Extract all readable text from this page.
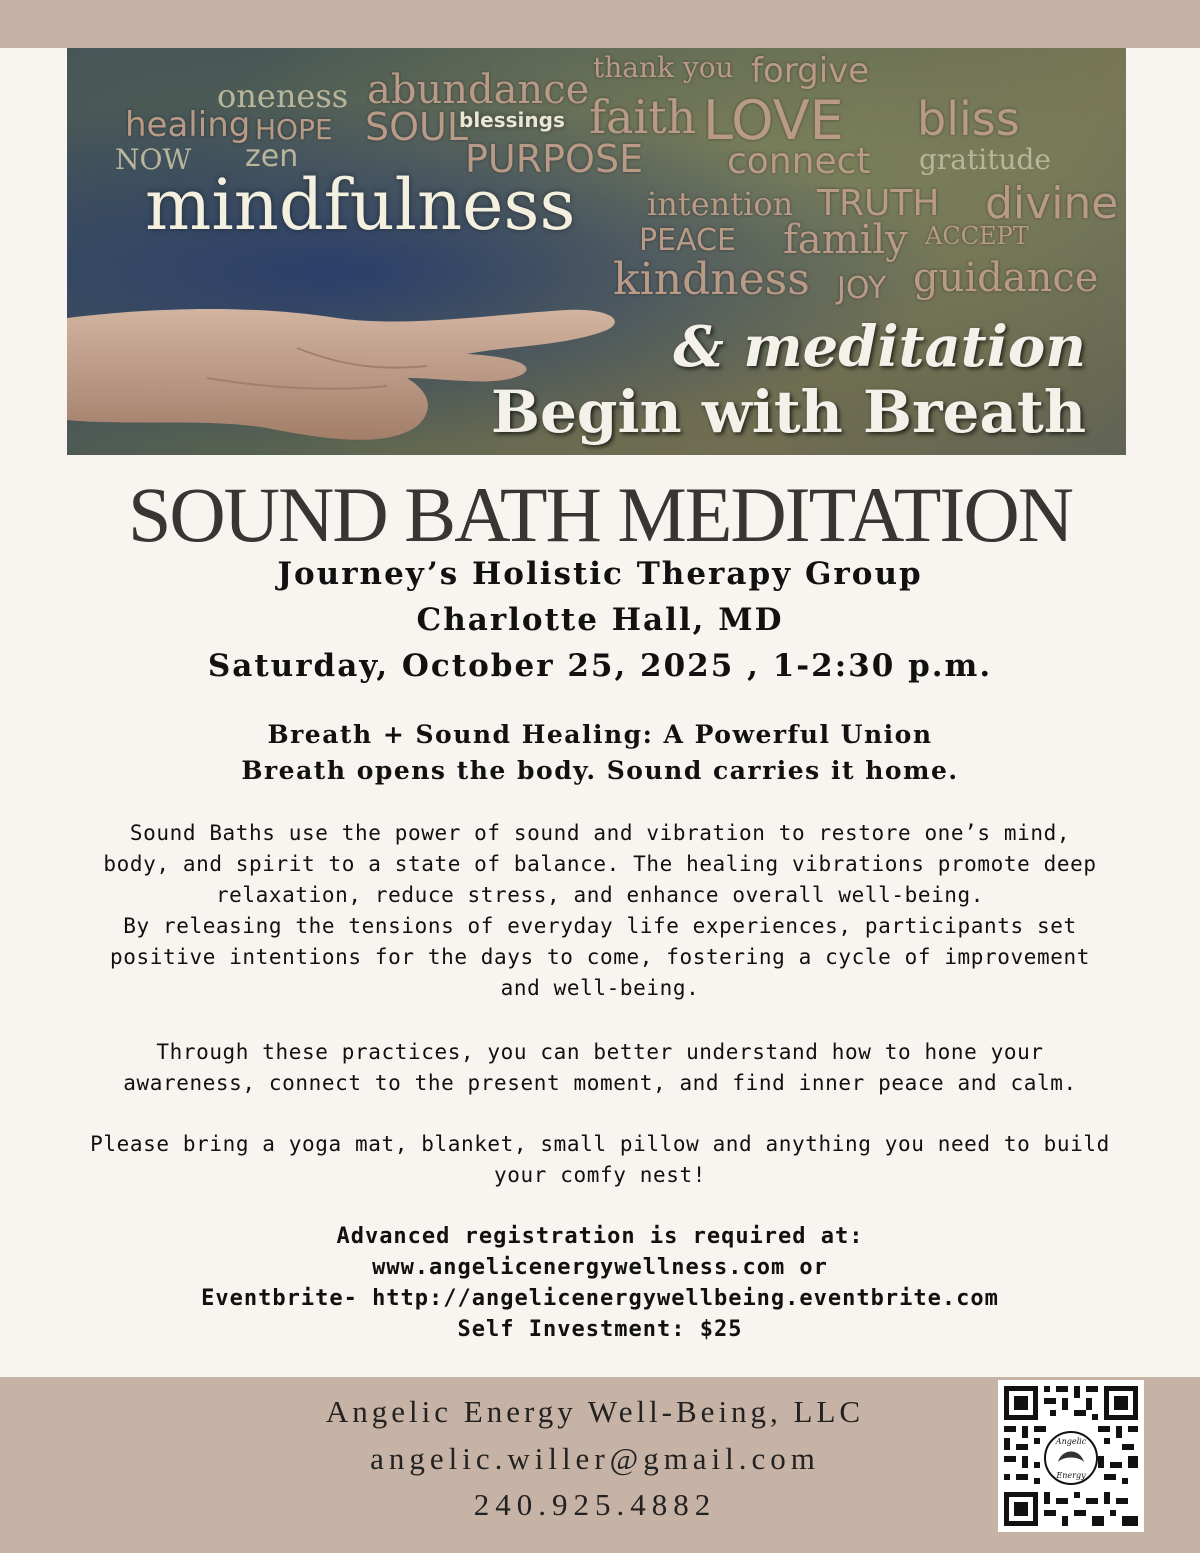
thank you forgive
oneness abundance
healing HOPE SOUL
blessings faith LOVE bliss
NOW zen	PURPOSE connect gratitude
mindfulness intention TRUTH divine
PEACE family ACCEPT
kindness JOY guidance
& meditation
Begin with Breath
SOUND BATH MEDITATION
Journey’s Holistic Therapy Group
Charlotte Hall, MD
Saturday, October 25, 2025 , 1-2:30 p.m.
Breath + Sound Healing: A Powerful Union
Breath opens the body. Sound carries it home.
Sound Baths use the power of sound and vibration to restore one’s mind,
body, and spirit to a state of balance. The healing vibrations promote deep
relaxation, reduce stress, and enhance overall well-being.
By releasing the tensions of everyday life experiences, participants set
positive intentions for the days to come, fostering a cycle of improvement
and well-being.
Through these practices, you can better understand how to hone your
awareness, connect to the present moment, and find inner peace and calm.
Please bring a yoga mat, blanket, small pillow and anything you need to build
your comfy nest!
Advanced registration is required at:
www.angelicenergywellness.com or
Eventbrite- http://angelicenergywellbeing.eventbrite.com
Self Investment: $25
Angelic Energy Well-Being, LLC
angelic.willer@gmail.com
240.925.4882
Angelic
Energy
